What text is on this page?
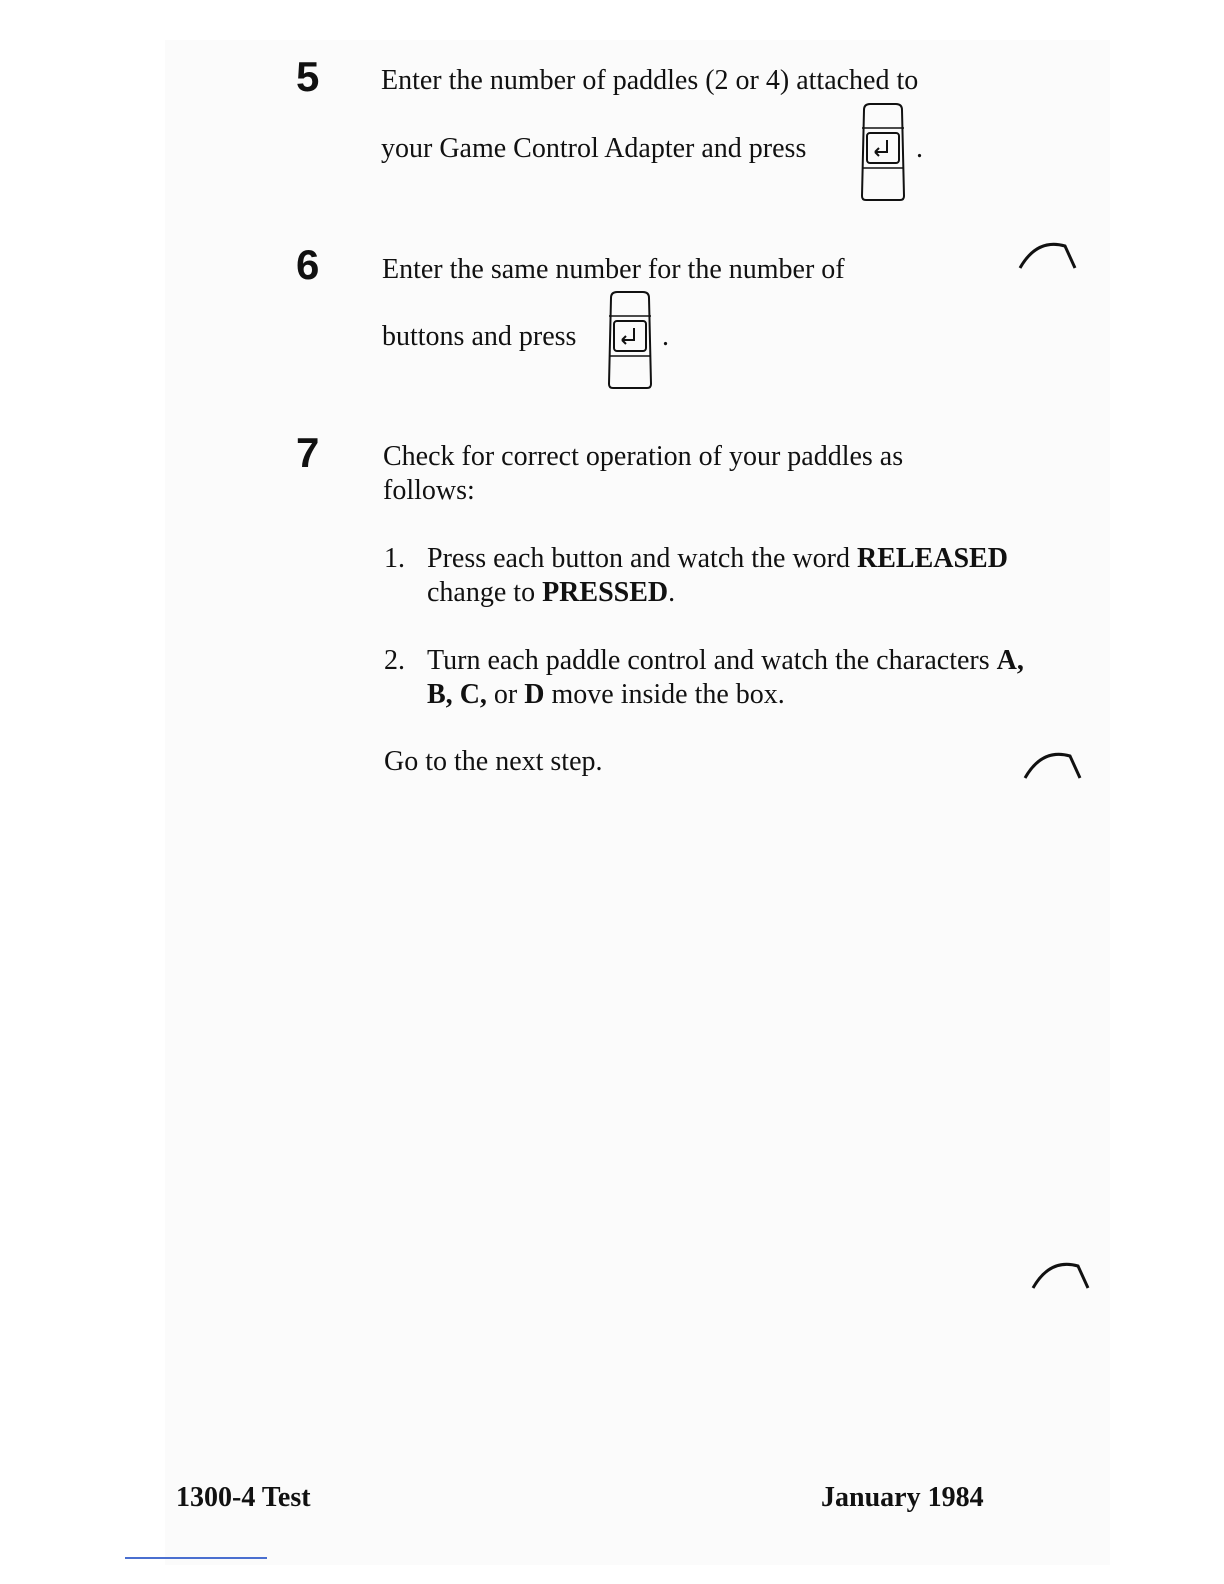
5 Enter the number of paddles (2 or 4) attached to
your Game Control Adapter and press	.
6 Enter the same number for the number of
buttons and press	.
7 Check for correct operation of your paddles as follows:
1. Press each button and watch the word RELEASED change to PRESSED.
2. Turn each paddle control and watch the characters A, B, C, or D move inside the box.
Go to the next step.
1300-4 Test	January 1984
